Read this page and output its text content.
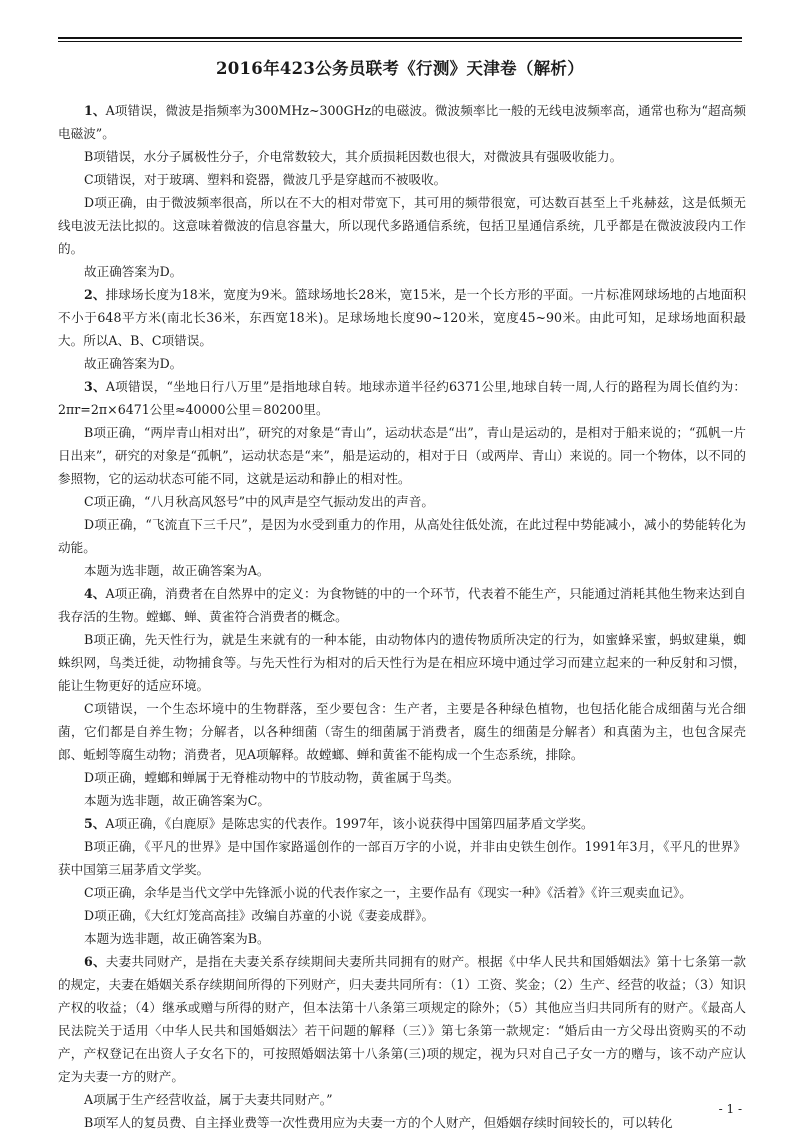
2016年423公务员联考《行测》天津卷（解析）

1、A项错误，微波是指频率为300MHz~300GHz的电磁波。微波频率比一般的无线电波频率高，通常也称为“超高频电磁波”。

B项错误，水分子属极性分子，介电常数较大，其介质损耗因数也很大，对微波具有强吸收能力。

C项错误，对于玻璃、塑料和瓷器，微波几乎是穿越而不被吸收。

D项正确，由于微波频率很高，所以在不大的相对带宽下，其可用的频带很宽，可达数百甚至上千兆赫兹，这是低频无线电波无法比拟的。这意味着微波的信息容量大，所以现代多路通信系统，包括卫星通信系统，几乎都是在微波波段内工作的。

故正确答案为D。

2、排球场长度为18米，宽度为9米。篮球场地长28米，宽15米，是一个长方形的平面。一片标准网球场地的占地面积不小于648平方米(南北长36米，东西宽18米)。足球场地长度90~120米，宽度45~90米。由此可知，足球场地面积最大。所以A、B、C项错误。

故正确答案为D。

3、A项错误，“坐地日行八万里”是指地球自转。地球赤道半径约6371公里,地球自转一周,人行的路程为周长值约为：2πr=2π×6471公里≈40000公里＝80200里。

B项正确，“两岸青山相对出”，研究的对象是“青山”，运动状态是“出”，青山是运动的，是相对于船来说的；“孤帆一片日出来”，研究的对象是“孤帆”，运动状态是“来”，船是运动的，相对于日（或两岸、青山）来说的。同一个物体，以不同的参照物，它的运动状态可能不同，这就是运动和静止的相对性。

C项正确，“八月秋高风怒号”中的风声是空气振动发出的声音。

D项正确，“飞流直下三千尺”，是因为水受到重力的作用，从高处往低处流，在此过程中势能减小，减小的势能转化为动能。

本题为选非题，故正确答案为A。

4、A项正确，消费者在自然界中的定义：为食物链的中的一个环节，代表着不能生产，只能通过消耗其他生物来达到自我存活的生物。螳螂、蝉、黄雀符合消费者的概念。

B项正确，先天性行为，就是生来就有的一种本能，由动物体内的遗传物质所决定的行为，如蜜蜂采蜜，蚂蚁建巢，蜘蛛织网，鸟类迁徙，动物捕食等。与先天性行为相对的后天性行为是在相应环境中通过学习而建立起来的一种反射和习惯，能让生物更好的适应环境。

C项错误，一个生态坏境中的生物群落，至少要包含：生产者，主要是各种绿色植物，也包括化能合成细菌与光合细菌，它们都是自养生物；分解者，以各种细菌（寄生的细菌属于消费者，腐生的细菌是分解者）和真菌为主，也包含屎壳郎、蚯蚓等腐生动物；消费者，见A项解释。故螳螂、蝉和黄雀不能构成一个生态系统，排除。

D项正确，螳螂和蝉属于无脊椎动物中的节肢动物，黄雀属于鸟类。

本题为选非题，故正确答案为C。

5、A项正确，《白鹿原》是陈忠实的代表作。1997年，该小说获得中国第四届茅盾文学奖。

B项正确，《平凡的世界》是中国作家路遥创作的一部百万字的小说，并非由史铁生创作。1991年3月，《平凡的世界》获中国第三届茅盾文学奖。

C项正确，余华是当代文学中先锋派小说的代表作家之一，主要作品有《现实一种》《活着》《许三观卖血记》。

D项正确，《大红灯笼高高挂》改编自苏童的小说《妻妾成群》。

本题为选非题，故正确答案为B。

6、夫妻共同财产，是指在夫妻关系存续期间夫妻所共同拥有的财产。根据《中华人民共和国婚姻法》第十七条第一款的规定，夫妻在婚姻关系存续期间所得的下列财产，归夫妻共同所有：（1）工资、奖金；（2）生产、经营的收益；（3）知识产权的收益；（4）继承或赠与所得的财产，但本法第十八条第三项规定的除外；（5）其他应当归共同所有的财产。《最高人民法院关于适用〈中华人民共和国婚姻法〉若干问题的解释（三）》第七条第一款规定：“婚后由一方父母出资购买的不动产，产权登记在出资人子女名下的，可按照婚姻法第十八条第(三)项的规定，视为只对自己子女一方的赠与，该不动产应认定为夫妻一方的财产。

A项属于生产经营收益，属于夫妻共同财产。”

B项军人的复员费、自主择业费等一次性费用应为夫妻一方的个人财产，但婚姻存续时间较长的，可以转化

- 1 -
